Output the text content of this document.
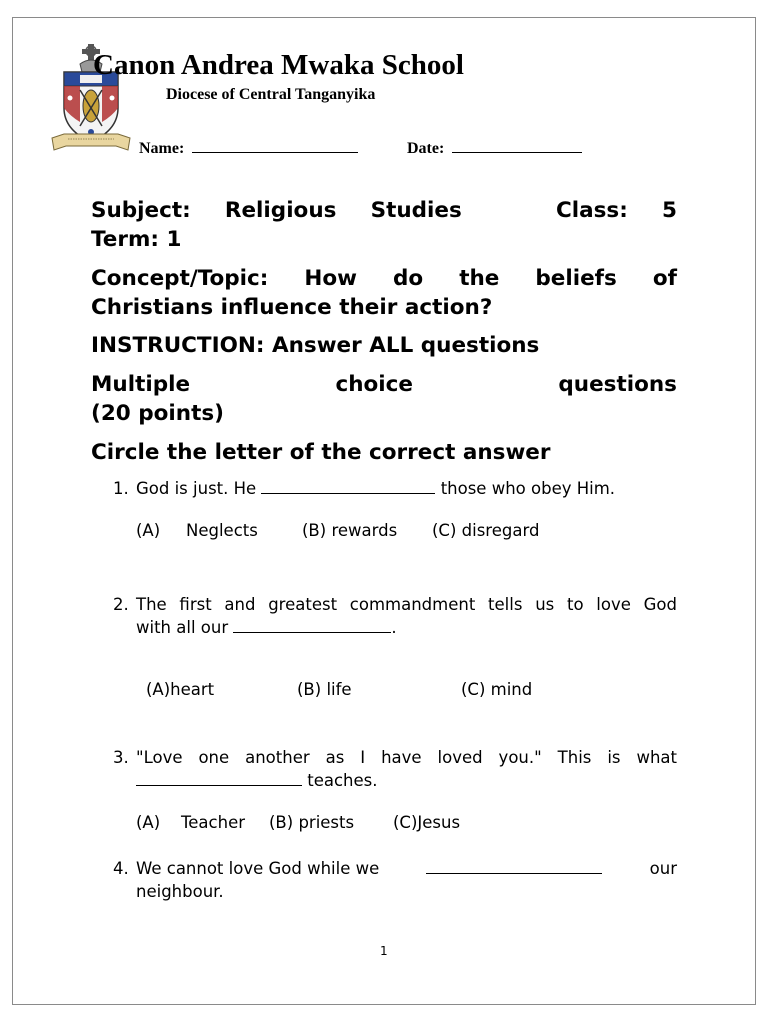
Canon Andrea Mwaka School
Diocese of Central Tanganyika
Name:	Date:
Subject: Religious Studies	Class: 5
Term: 1
Concept/Topic: How do the beliefs of
Christians influence their action?
INSTRUCTION: Answer ALL questions
Multiple	choice	questions
(20 points)
Circle the letter of the correct answer
1. God is just. He	those who obey Him.
(A) Neglects	(B) rewards (C) disregard
2. The first and greatest commandment tells us to love God
with all our	.
(A)heart	(B) life	(C) mind
3. "Love one another as I have loved you." This is what
teaches.
(A) Teacher (B) priests (C)Jesus
4. We cannot love God while we	our
neighbour.
1
